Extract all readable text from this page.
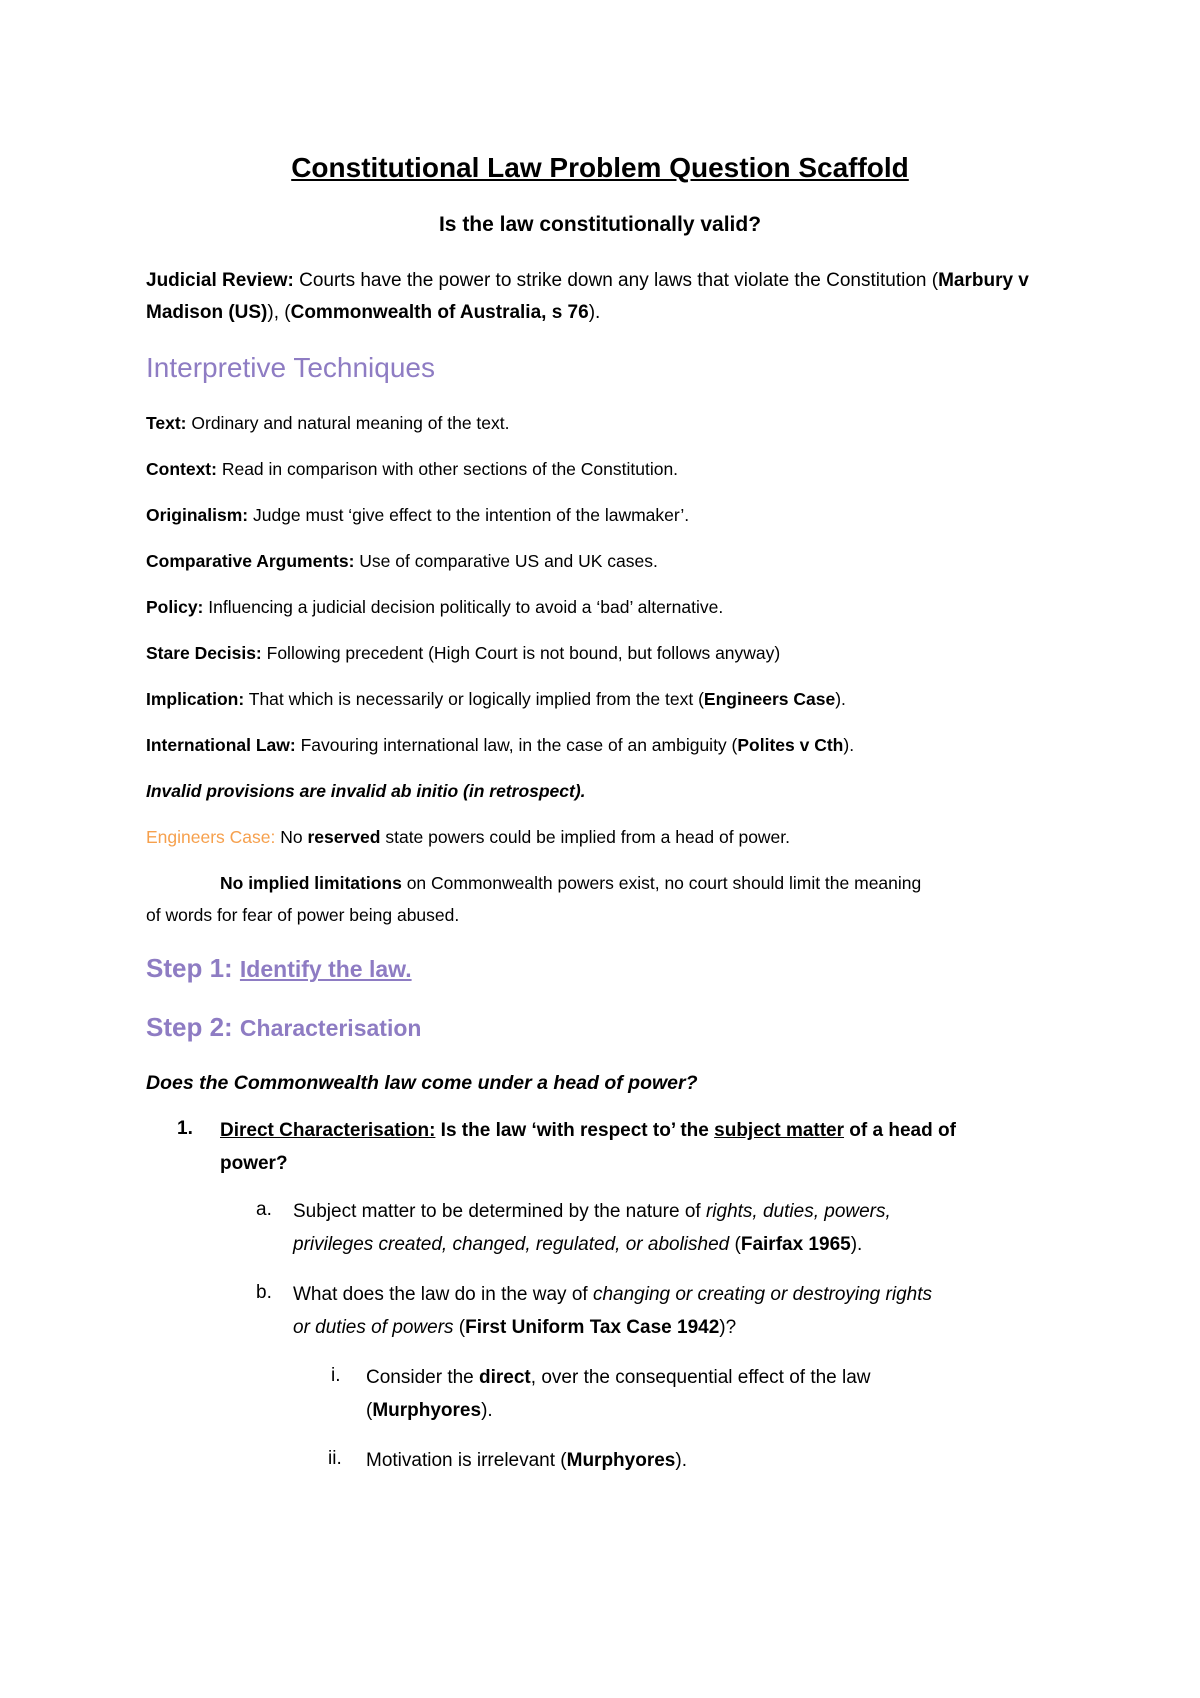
Constitutional Law Problem Question Scaffold
Is the law constitutionally valid?
Judicial Review: Courts have the power to strike down any laws that violate the Constitution (Marbury v Madison (US)), (Commonwealth of Australia, s 76).
Interpretive Techniques
Text: Ordinary and natural meaning of the text.
Context: Read in comparison with other sections of the Constitution.
Originalism: Judge must ‘give effect to the intention of the lawmaker’.
Comparative Arguments: Use of comparative US and UK cases.
Policy: Influencing a judicial decision politically to avoid a ‘bad’ alternative.
Stare Decisis: Following precedent (High Court is not bound, but follows anyway)
Implication: That which is necessarily or logically implied from the text (Engineers Case).
International Law: Favouring international law, in the case of an ambiguity (Polites v Cth).
Invalid provisions are invalid ab initio (in retrospect).
Engineers Case: No reserved state powers could be implied from a head of power.
No implied limitations on Commonwealth powers exist, no court should limit the meaning
of words for fear of power being abused.
Step 1: Identify the law.
Step 2: Characterisation
Does the Commonwealth law come under a head of power?
1. Direct Characterisation: Is the law ‘with respect to’ the subject matter of a head of
power?
a. Subject matter to be determined by the nature of rights, duties, powers,
privileges created, changed, regulated, or abolished (Fairfax 1965).
b. What does the law do in the way of changing or creating or destroying rights
or duties of powers (First Uniform Tax Case 1942)?
i. Consider the direct, over the consequential effect of the law
(Murphyores).
ii. Motivation is irrelevant (Murphyores).
